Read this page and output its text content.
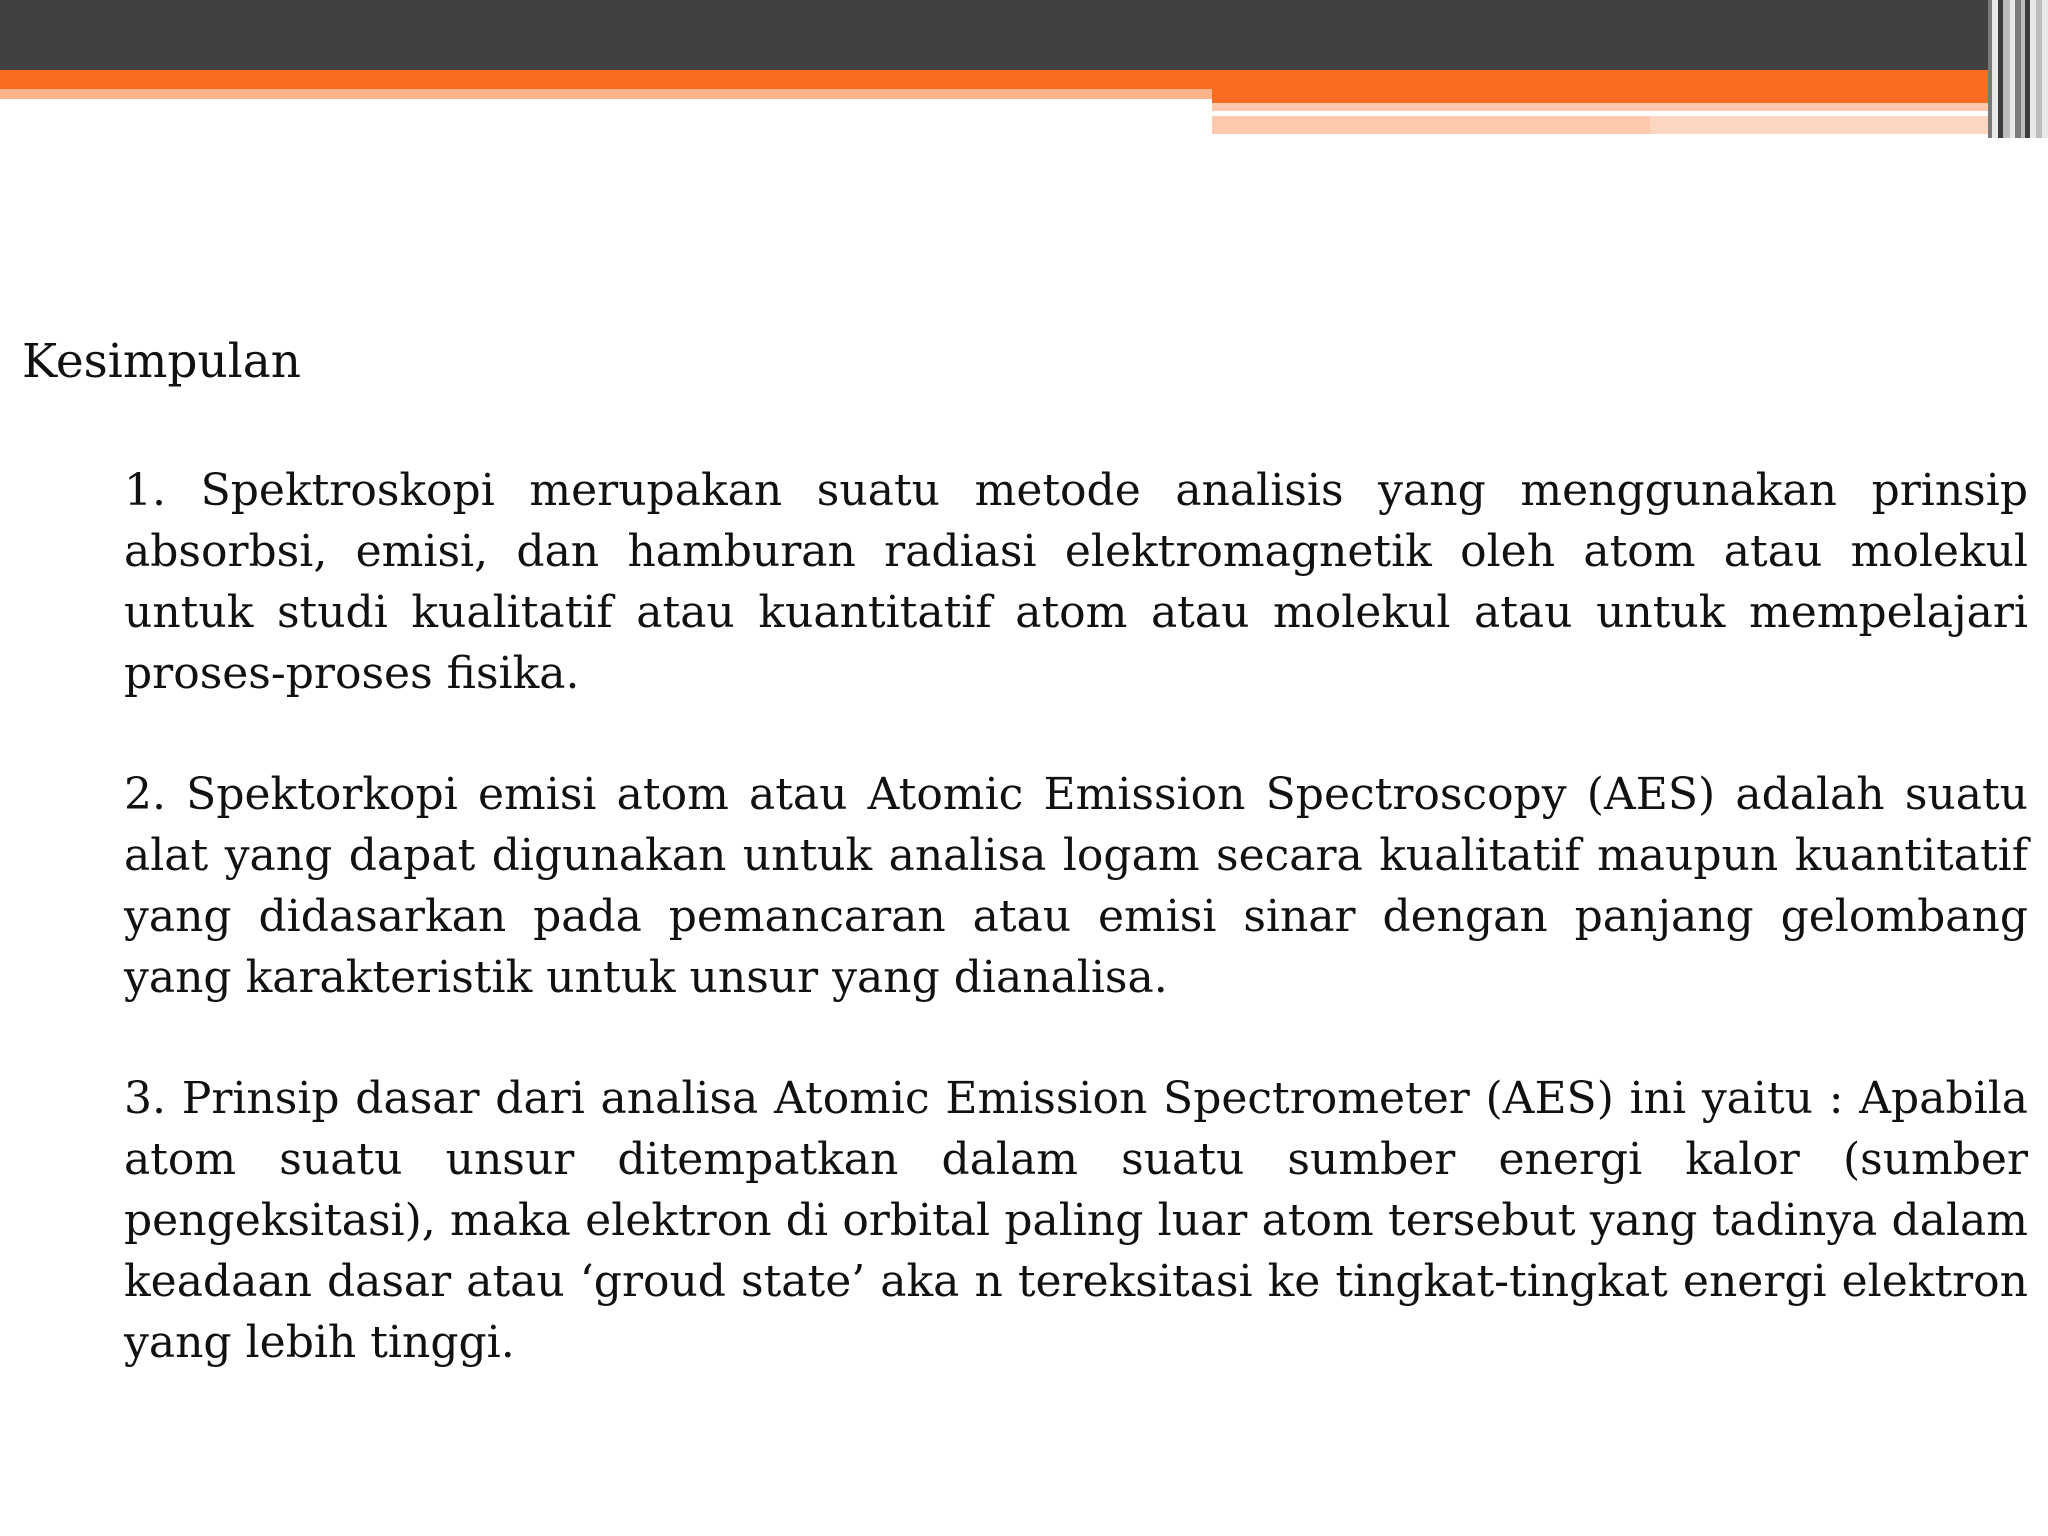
Kesimpulan

1. Spektroskopi merupakan suatu metode analisis yang menggunakan prinsip absorbsi, emisi, dan hamburan radiasi elektromagnetik oleh atom atau molekul untuk studi kualitatif atau kuantitatif atom atau molekul atau untuk mempelajari proses-proses fisika.

2. Spektorkopi emisi atom atau Atomic Emission Spectroscopy (AES) adalah suatu alat yang dapat digunakan untuk analisa logam secara kualitatif maupun kuantitatif yang didasarkan pada pemancaran atau emisi sinar dengan panjang gelombang yang karakteristik untuk unsur yang dianalisa.

3. Prinsip dasar dari analisa Atomic Emission Spectrometer (AES) ini yaitu : Apabila atom suatu unsur ditempatkan dalam suatu sumber energi kalor (sumber pengeksitasi), maka elektron di orbital paling luar atom tersebut yang tadinya dalam keadaan dasar atau ‘groud state’ aka n tereksitasi ke tingkat-tingkat energi elektron yang lebih tinggi.
